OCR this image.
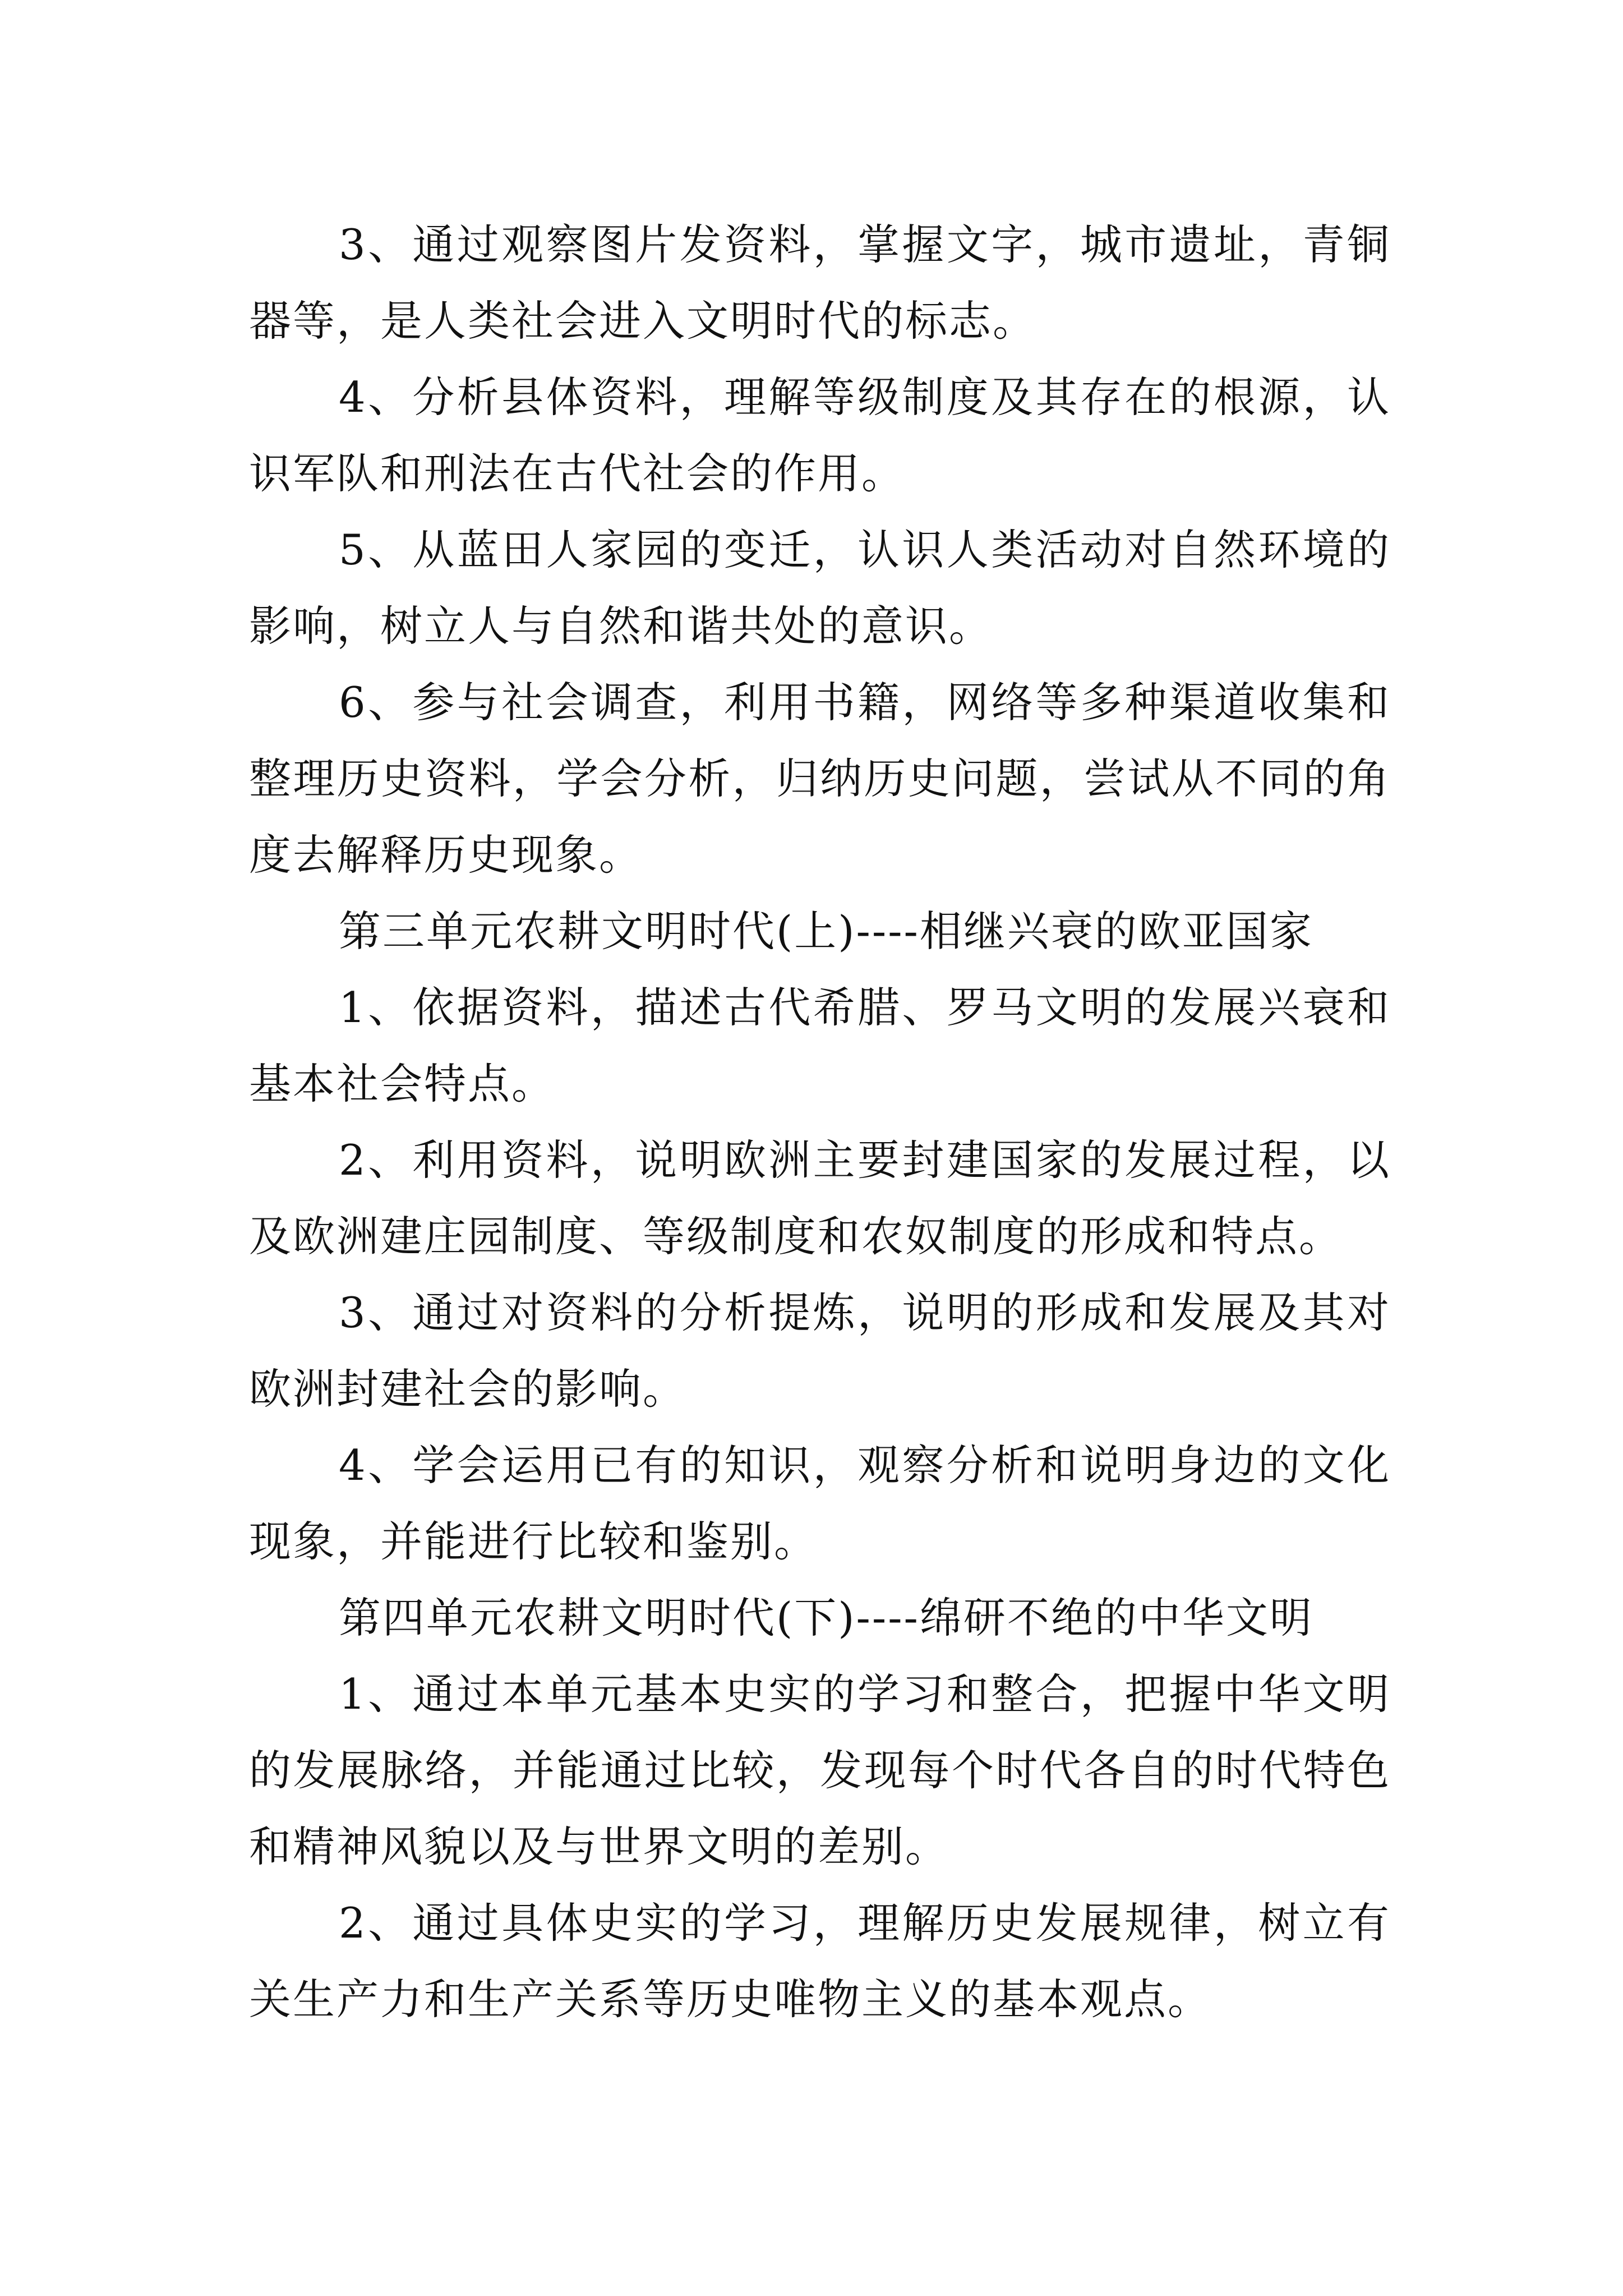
3、通过观察图片发资料，掌握文字，城市遗址，青铜器等，是人类社会进入文明时代的标志。

4、分析县体资料，理解等级制度及其存在的根源，认识军队和刑法在古代社会的作用。

5、从蓝田人家园的变迁，认识人类活动对自然环境的影响，树立人与自然和谐共处的意识。

6、参与社会调查，利用书籍，网络等多种渠道收集和整理历史资料，学会分析，归纳历史问题，尝试从不同的角度去解释历史现象。

第三单元农耕文明时代(上)----相继兴衰的欧亚国家

1、依据资料，描述古代希腊、罗马文明的发展兴衰和基本社会特点。

2、利用资料，说明欧洲主要封建国家的发展过程，以及欧洲建庄园制度、等级制度和农奴制度的形成和特点。

3、通过对资料的分析提炼，说明的形成和发展及其对欧洲封建社会的影响。

4、学会运用已有的知识，观察分析和说明身边的文化现象，并能进行比较和鉴别。

第四单元农耕文明时代(下)----绵研不绝的中华文明

1、通过本单元基本史实的学习和整合，把握中华文明的发展脉络，并能通过比较，发现每个时代各自的时代特色和精神风貌以及与世界文明的差别。

2、通过具体史实的学习，理解历史发展规律，树立有关生产力和生产关系等历史唯物主义的基本观点。
